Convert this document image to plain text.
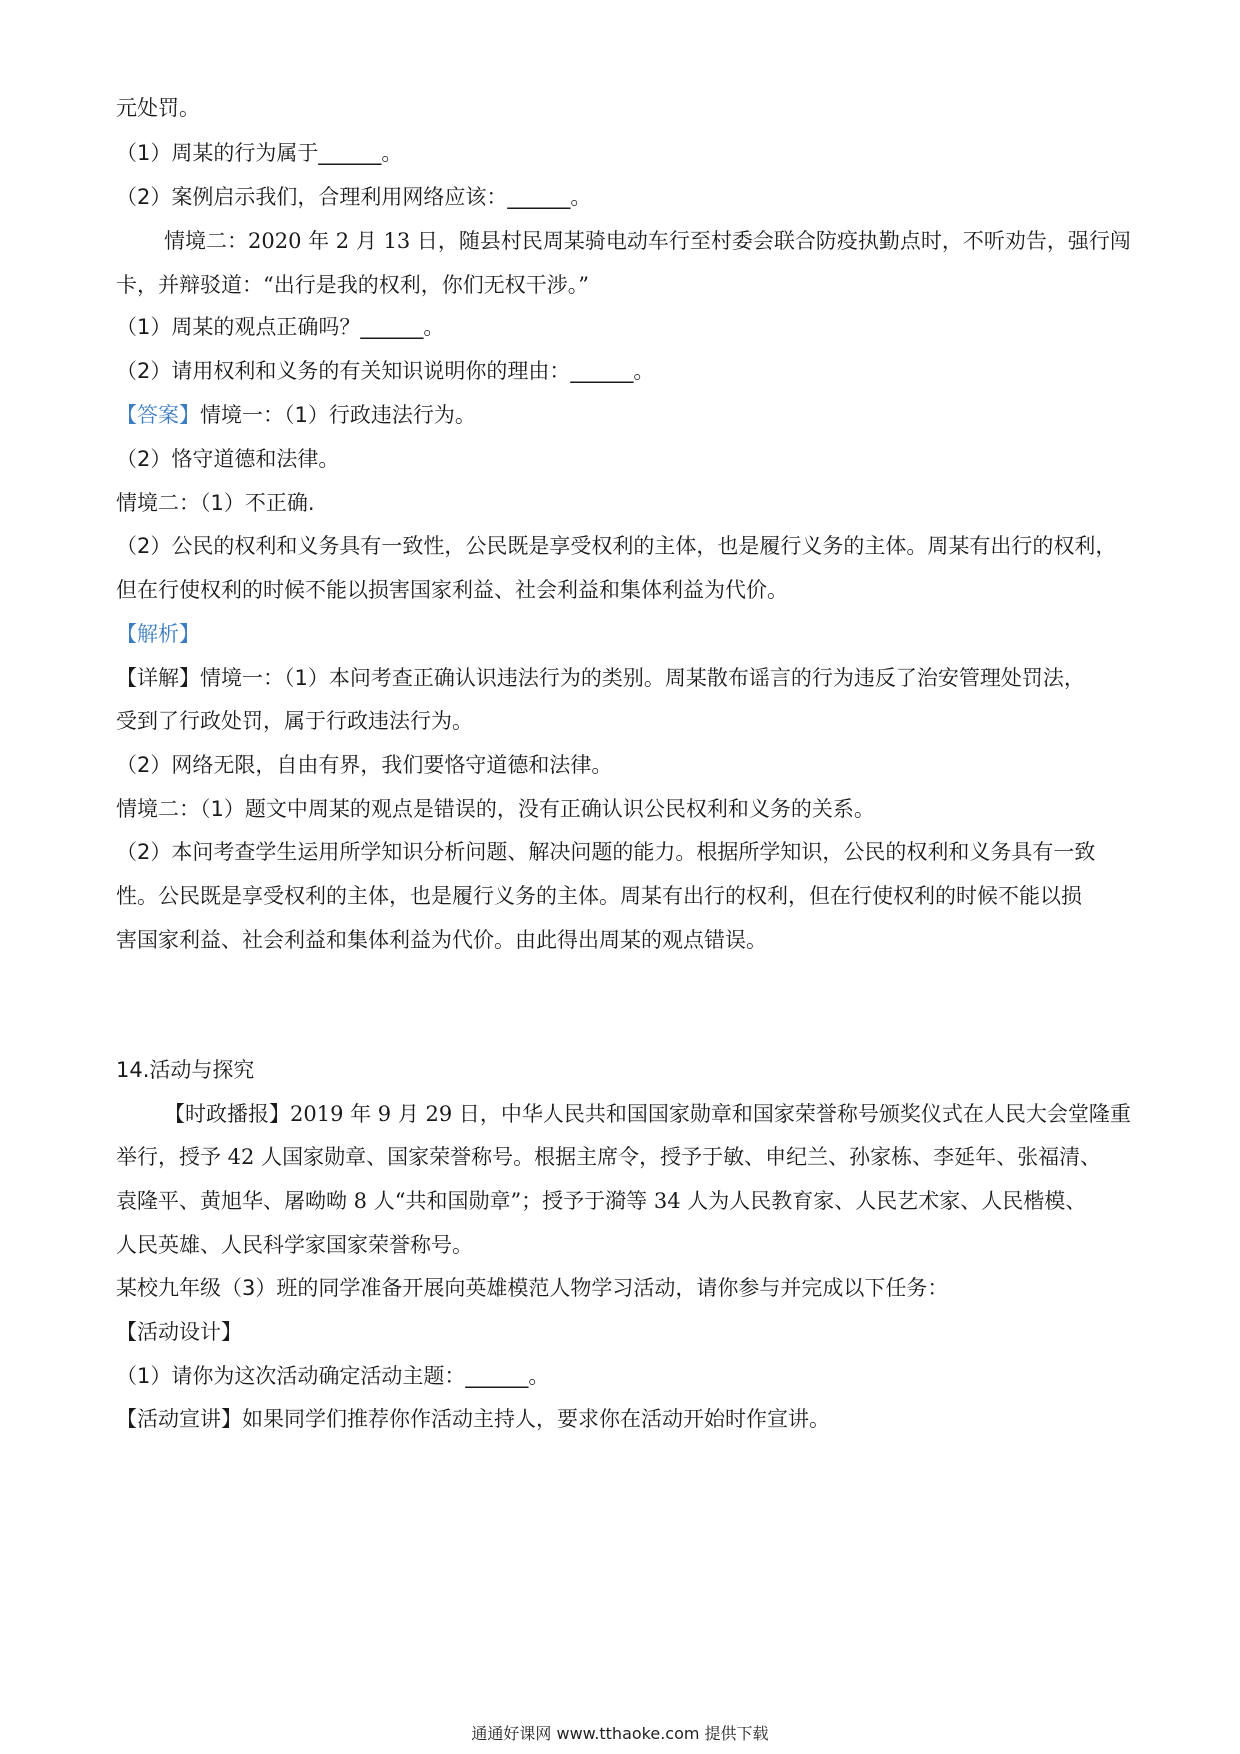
元处罚。
（1）周某的行为属于______。
（2）案例启示我们，合理利用网络应该：______。
情境二：2020 年 2 月 13 日，随县村民周某骑电动车行至村委会联合防疫执勤点时，不听劝告，强行闯
卡，并辩驳道：“出行是我的权利，你们无权干涉。”
（1）周某的观点正确吗？______。
（2）请用权利和义务的有关知识说明你的理由：______。
【答案】情境一：（1）行政违法行为。
（2）恪守道德和法律。
情境二：（1）不正确.
（2）公民的权利和义务具有一致性，公民既是享受权利的主体，也是履行义务的主体。周某有出行的权利，
但在行使权利的时候不能以损害国家利益、社会利益和集体利益为代价。
【解析】
【详解】情境一：（1）本问考查正确认识违法行为的类别。周某散布谣言的行为违反了治安管理处罚法，
受到了行政处罚，属于行政违法行为。
（2）网络无限，自由有界，我们要恪守道德和法律。
情境二：（1）题文中周某的观点是错误的，没有正确认识公民权利和义务的关系。
（2）本问考查学生运用所学知识分析问题、解决问题的能力。根据所学知识，公民的权利和义务具有一致
性。公民既是享受权利的主体，也是履行义务的主体。周某有出行的权利，但在行使权利的时候不能以损
害国家利益、社会利益和集体利益为代价。由此得出周某的观点错误。
14.活动与探究
【时政播报】2019 年 9 月 29 日，中华人民共和国国家勋章和国家荣誉称号颁奖仪式在人民大会堂隆重
举行，授予 42 人国家勋章、国家荣誉称号。根据主席令，授予于敏、申纪兰、孙家栋、李延年、张福清、
袁隆平、黄旭华、屠呦呦 8 人“共和国勋章”；授予于漪等 34 人为人民教育家、人民艺术家、人民楷模、
人民英雄、人民科学家国家荣誉称号。
某校九年级（3）班的同学准备开展向英雄模范人物学习活动，请你参与并完成以下任务：
【活动设计】
（1）请你为这次活动确定活动主题：______。
【活动宣讲】如果同学们推荐你作活动主持人，要求你在活动开始时作宣讲。
通通好课网 www.tthaoke.com 提供下载
